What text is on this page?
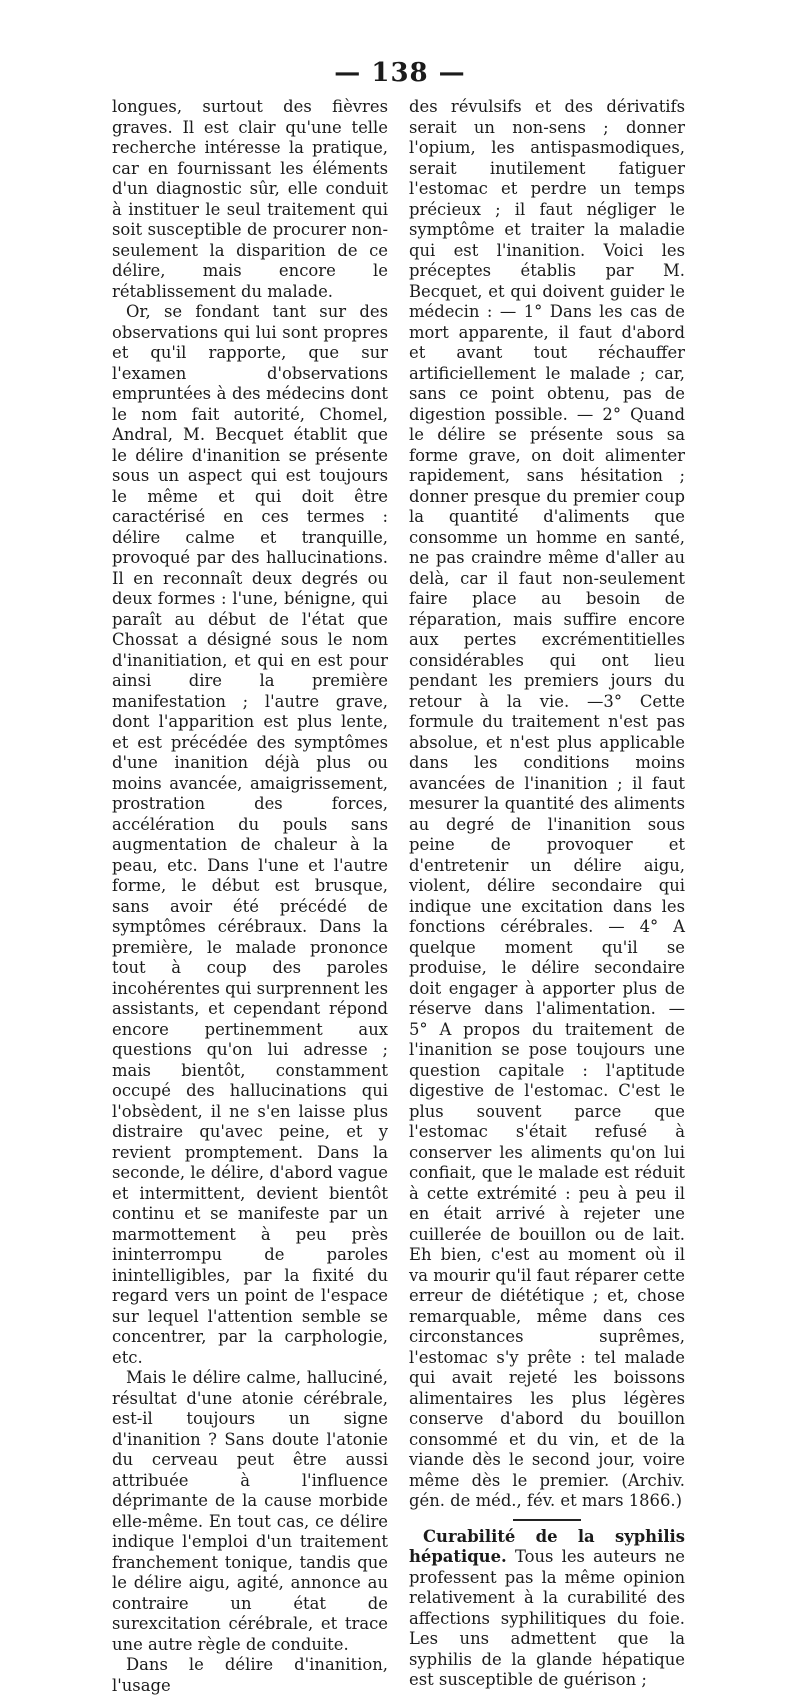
— 138 —

longues, surtout des fièvres graves. Il est clair qu'une telle recherche intéresse la pratique, car en fournissant les éléments d'un diagnostic sûr, elle conduit à instituer le seul traitement qui soit susceptible de procurer non-seulement la disparition de ce délire, mais encore le rétablissement du malade.

Or, se fondant tant sur des observations qui lui sont propres et qu'il rapporte, que sur l'examen d'observations empruntées à des médecins dont le nom fait autorité, Chomel, Andral, M. Becquet établit que le délire d'inanition se présente sous un aspect qui est toujours le même et qui doit être caractérisé en ces termes : délire calme et tranquille, provoqué par des hallucinations. Il en reconnaît deux degrés ou deux formes : l'une, bénigne, qui paraît au début de l'état que Chossat a désigné sous le nom d'inanitiation, et qui en est pour ainsi dire la première manifestation ; l'autre grave, dont l'apparition est plus lente, et est précédée des symptômes d'une inanition déjà plus ou moins avancée, amaigrissement, prostration des forces, accélération du pouls sans augmentation de chaleur à la peau, etc. Dans l'une et l'autre forme, le début est brusque, sans avoir été précédé de symptômes cérébraux. Dans la première, le malade prononce tout à coup des paroles incohérentes qui surprennent les assistants, et cependant répond encore pertinemment aux questions qu'on lui adresse ; mais bientôt, constamment occupé des hallucinations qui l'obsèdent, il ne s'en laisse plus distraire qu'avec peine, et y revient promptement. Dans la seconde, le délire, d'abord vague et intermittent, devient bientôt continu et se manifeste par un marmottement à peu près ininterrompu de paroles inintelligibles, par la fixité du regard vers un point de l'espace sur lequel l'attention semble se concentrer, par la carphologie, etc.

Mais le délire calme, halluciné, résultat d'une atonie cérébrale, est-il toujours un signe d'inanition ? Sans doute l'atonie du cerveau peut être aussi attribuée à l'influence déprimante de la cause morbide elle-même. En tout cas, ce délire indique l'emploi d'un traitement franchement tonique, tandis que le délire aigu, agité, annonce au contraire un état de surexcitation cérébrale, et trace une autre règle de conduite.

Dans le délire d'inanition, l'usage

des révulsifs et des dérivatifs serait un non-sens ; donner l'opium, les antispasmodiques, serait inutilement fatiguer l'estomac et perdre un temps précieux ; il faut négliger le symptôme et traiter la maladie qui est l'inanition. Voici les préceptes établis par M. Becquet, et qui doivent guider le médecin : — 1° Dans les cas de mort apparente, il faut d'abord et avant tout réchauffer artificiellement le malade ; car, sans ce point obtenu, pas de digestion possible. — 2° Quand le délire se présente sous sa forme grave, on doit alimenter rapidement, sans hésitation ; donner presque du premier coup la quantité d'aliments que consomme un homme en santé, ne pas craindre même d'aller au delà, car il faut non-seulement faire place au besoin de réparation, mais suffire encore aux pertes excrémentitielles considérables qui ont lieu pendant les premiers jours du retour à la vie. —3° Cette formule du traitement n'est pas absolue, et n'est plus applicable dans les conditions moins avancées de l'inanition ; il faut mesurer la quantité des aliments au degré de l'inanition sous peine de provoquer et d'entretenir un délire aigu, violent, délire secondaire qui indique une excitation dans les fonctions cérébrales. — 4° A quelque moment qu'il se produise, le délire secondaire doit engager à apporter plus de réserve dans l'alimentation. — 5° A propos du traitement de l'inanition se pose toujours une question capitale : l'aptitude digestive de l'estomac. C'est le plus souvent parce que l'estomac s'était refusé à conserver les aliments qu'on lui confiait, que le malade est réduit à cette extrémité : peu à peu il en était arrivé à rejeter une cuillerée de bouillon ou de lait. Eh bien, c'est au moment où il va mourir qu'il faut réparer cette erreur de diététique ; et, chose remarquable, même dans ces circonstances suprêmes, l'estomac s'y prête : tel malade qui avait rejeté les boissons alimentaires les plus légères conserve d'abord du bouillon consommé et du vin, et de la viande dès le second jour, voire même dès le premier. (Archiv. gén. de méd., fév. et mars 1866.)

Curabilité de la syphilis hépatique. Tous les auteurs ne professent pas la même opinion relativement à la curabilité des affections syphilitiques du foie. Les uns admettent que la syphilis de la glande hépatique est susceptible de guérison ;
